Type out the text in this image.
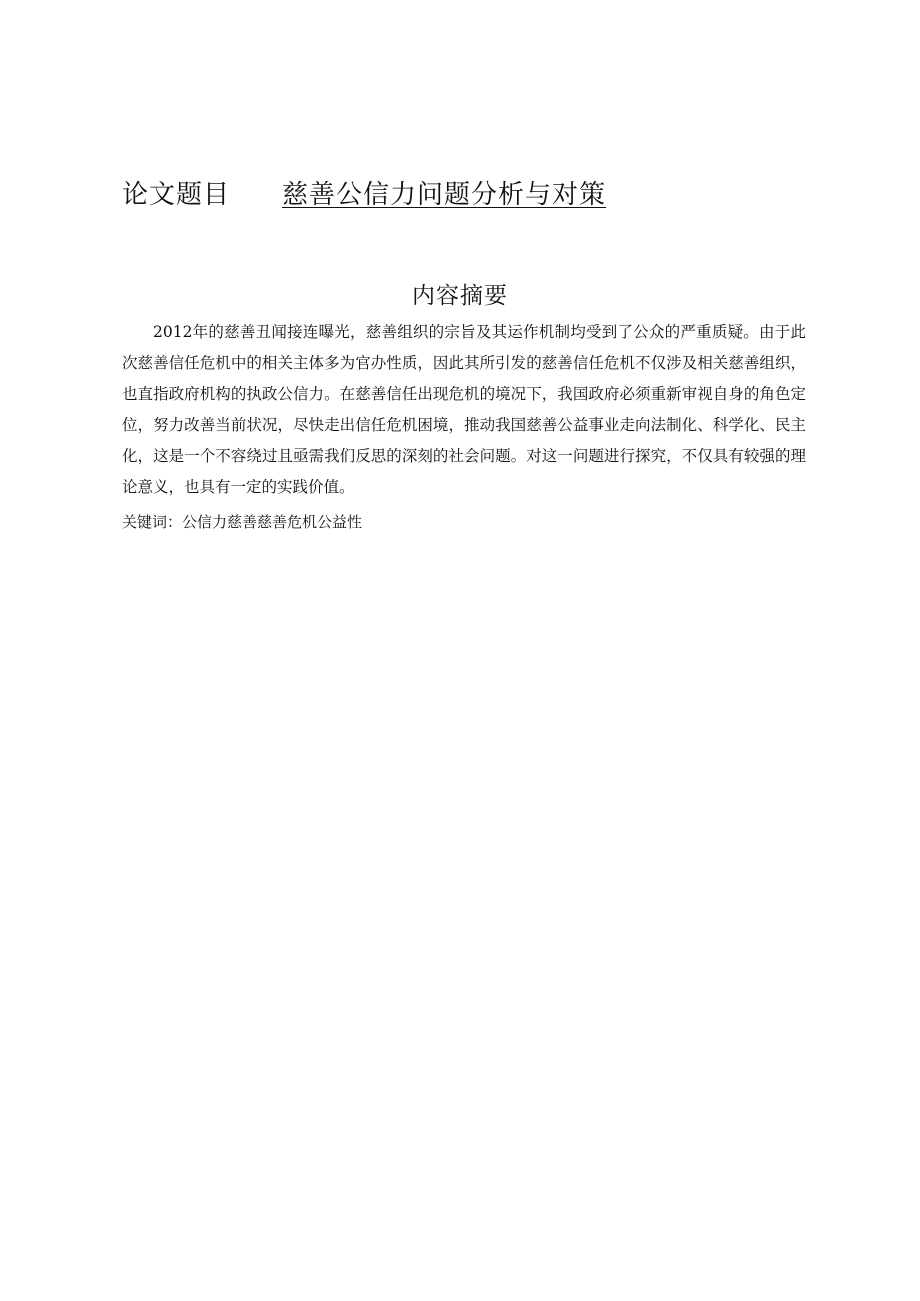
论文题目 慈善公信力问题分析与对策
内容摘要
2012年的慈善丑闻接连曝光，慈善组织的宗旨及其运作机制均受到了公众的严重质疑。由于此次慈善信任危机中的相关主体多为官办性质，因此其所引发的慈善信任危机不仅涉及相关慈善组织，也直指政府机构的执政公信力。在慈善信任出现危机的境况下，我国政府必须重新审视自身的角色定位，努力改善当前状况，尽快走出信任危机困境，推动我国慈善公益事业走向法制化、科学化、民主化，这是一个不容绕过且亟需我们反思的深刻的社会问题。对这一问题进行探究，不仅具有较强的理论意义，也具有一定的实践价值。
关键词：公信力慈善慈善危机公益性
